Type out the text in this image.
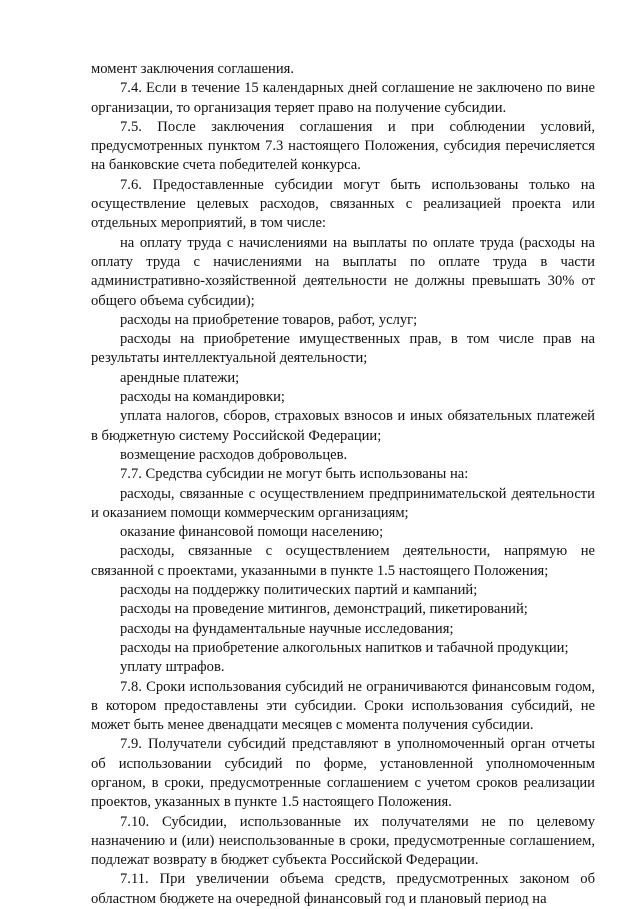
момент заключения соглашения.

7.4. Если в течение 15 календарных дней соглашение не заключено по вине организации, то организация теряет право на получение субсидии.

7.5. После заключения соглашения и при соблюдении условий, предусмотренных пунктом 7.3 настоящего Положения, субсидия перечисляется на банковские счета победителей конкурса.

7.6. Предоставленные субсидии могут быть использованы только на осуществление целевых расходов, связанных с реализацией проекта или отдельных мероприятий, в том числе:

на оплату труда с начислениями на выплаты по оплате труда (расходы на оплату труда с начислениями на выплаты по оплате труда в части административно-хозяйственной деятельности не должны превышать 30% от общего объема субсидии);

расходы на приобретение товаров, работ, услуг;

расходы на приобретение имущественных прав, в том числе прав на результаты интеллектуальной деятельности;

арендные платежи;

расходы на командировки;

уплата налогов, сборов, страховых взносов и иных обязательных платежей в бюджетную систему Российской Федерации;

возмещение расходов добровольцев.

7.7. Средства субсидии не могут быть использованы на:

расходы, связанные с осуществлением предпринимательской деятельности и оказанием помощи коммерческим организациям;

оказание финансовой помощи населению;

расходы, связанные с осуществлением деятельности, напрямую не связанной с проектами, указанными в пункте 1.5 настоящего Положения;

расходы на поддержку политических партий и кампаний;

расходы на проведение митингов, демонстраций, пикетирований;

расходы на фундаментальные научные исследования;

расходы на приобретение алкогольных напитков и табачной продукции;

уплату штрафов.

7.8. Сроки использования субсидий не ограничиваются финансовым годом, в котором предоставлены эти субсидии. Сроки использования субсидий, не может быть менее двенадцати месяцев с момента получения субсидии.

7.9. Получатели субсидий представляют в уполномоченный орган отчеты об использовании субсидий по форме, установленной уполномоченным органом, в сроки, предусмотренные соглашением с учетом сроков реализации проектов, указанных в пункте 1.5 настоящего Положения.

7.10. Субсидии, использованные их получателями не по целевому назначению и (или) неиспользованные в сроки, предусмотренные соглашением, подлежат возврату в бюджет субъекта Российской Федерации.

7.11. При увеличении объема средств, предусмотренных законом об областном бюджете на очередной финансовый год и плановый период на
